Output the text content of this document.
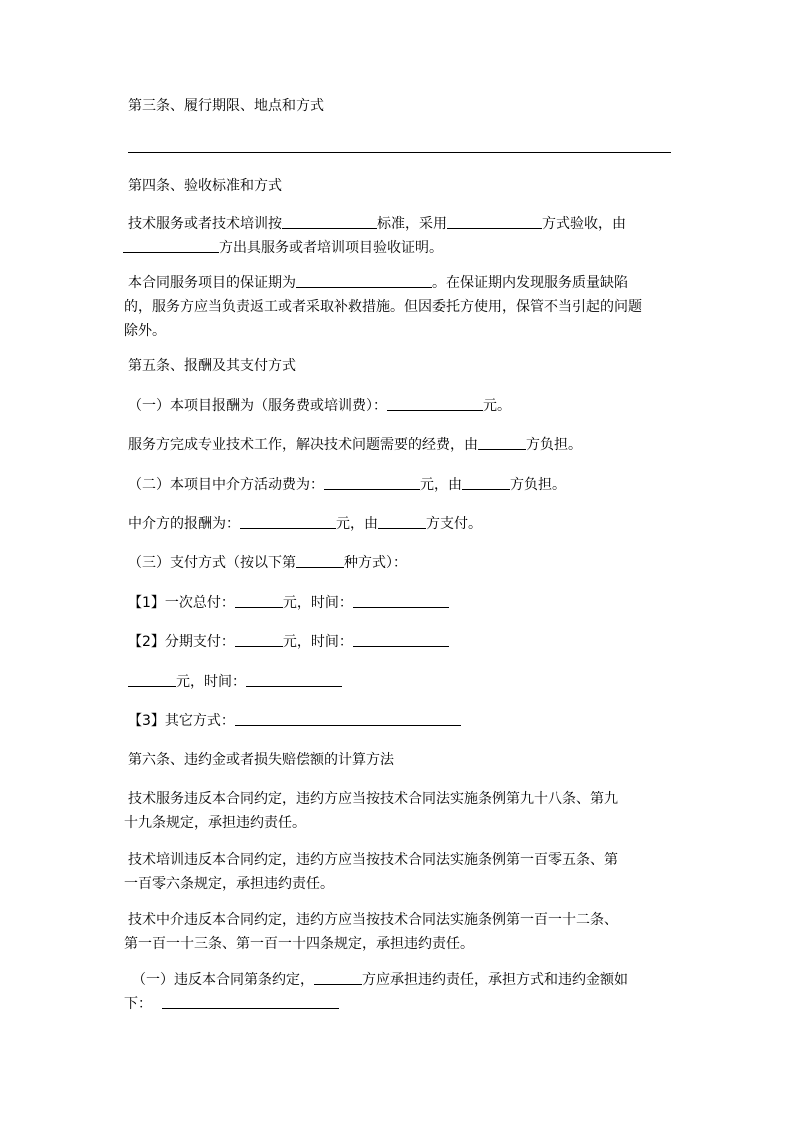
第三条、履行期限、地点和方式
第四条、验收标准和方式
技术服务或者技术培训按	标准，采用	方式验收，由
方出具服务或者培训项目验收证明。
本合同服务项目的保证期为	。在保证期内发现服务质量缺陷
的，服务方应当负责返工或者采取补救措施。但因委托方使用，保管不当引起的问题
除外。
第五条、报酬及其支付方式
（一）本项目报酬为（服务费或培训费）：	元。
服务方完成专业技术工作，解决技术问题需要的经费，由	方负担。
（二）本项目中介方活动费为：	元，由	方负担。
中介方的报酬为：	元，由	方支付。
（三）支付方式（按以下第	种方式）：
【1】一次总付：	元，时间：
【2】分期支付：	元，时间：
元，时间：
【3】其它方式：
第六条、违约金或者损失赔偿额的计算方法
技术服务违反本合同约定，违约方应当按技术合同法实施条例第九十八条、第九
十九条规定，承担违约责任。
技术培训违反本合同约定，违约方应当按技术合同法实施条例第一百零五条、第
一百零六条规定，承担违约责任。
技术中介违反本合同约定，违约方应当按技术合同法实施条例第一百一十二条、
第一百一十三条、第一百一十四条规定，承担违约责任。
（一）违反本合同第条约定，	方应承担违约责任，承担方式和违约金额如
下：
